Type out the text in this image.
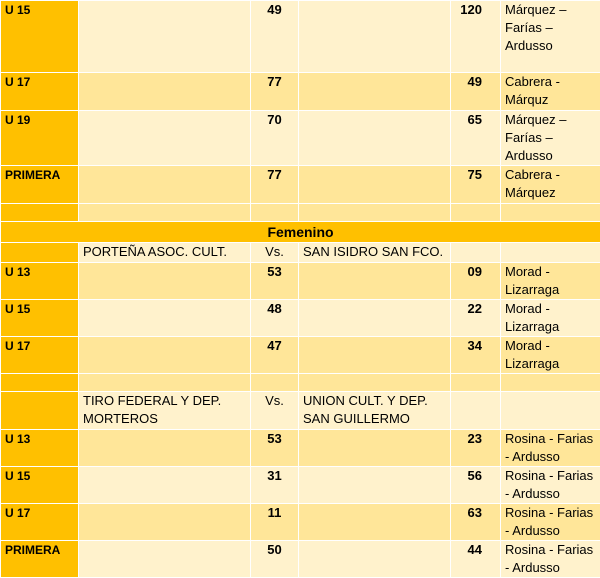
U 15		49		120	Márquez – Farías – Ardusso
U 17		77		49	Cabrera - Márquz
U 19		70		65	Márquez – Farías – Ardusso
PRIMERA		77		75	Cabrera - Márquez

Femenino					
	PORTEÑA ASOC. CULT.	Vs.	SAN ISIDRO SAN FCO.		
U 13		53		09	Morad - Lizarraga
U 15		48		22	Morad - Lizarraga
U 17		47		34	Morad - Lizarraga

	TIRO FEDERAL Y DEP. MORTEROS	Vs.	UNION CULT. Y DEP. SAN GUILLERMO		
U 13		53		23	Rosina - Farias - Ardusso
U 15		31		56	Rosina - Farias - Ardusso
U 17		11		63	Rosina - Farias - Ardusso
PRIMERA		50		44	Rosina - Farias - Ardusso
